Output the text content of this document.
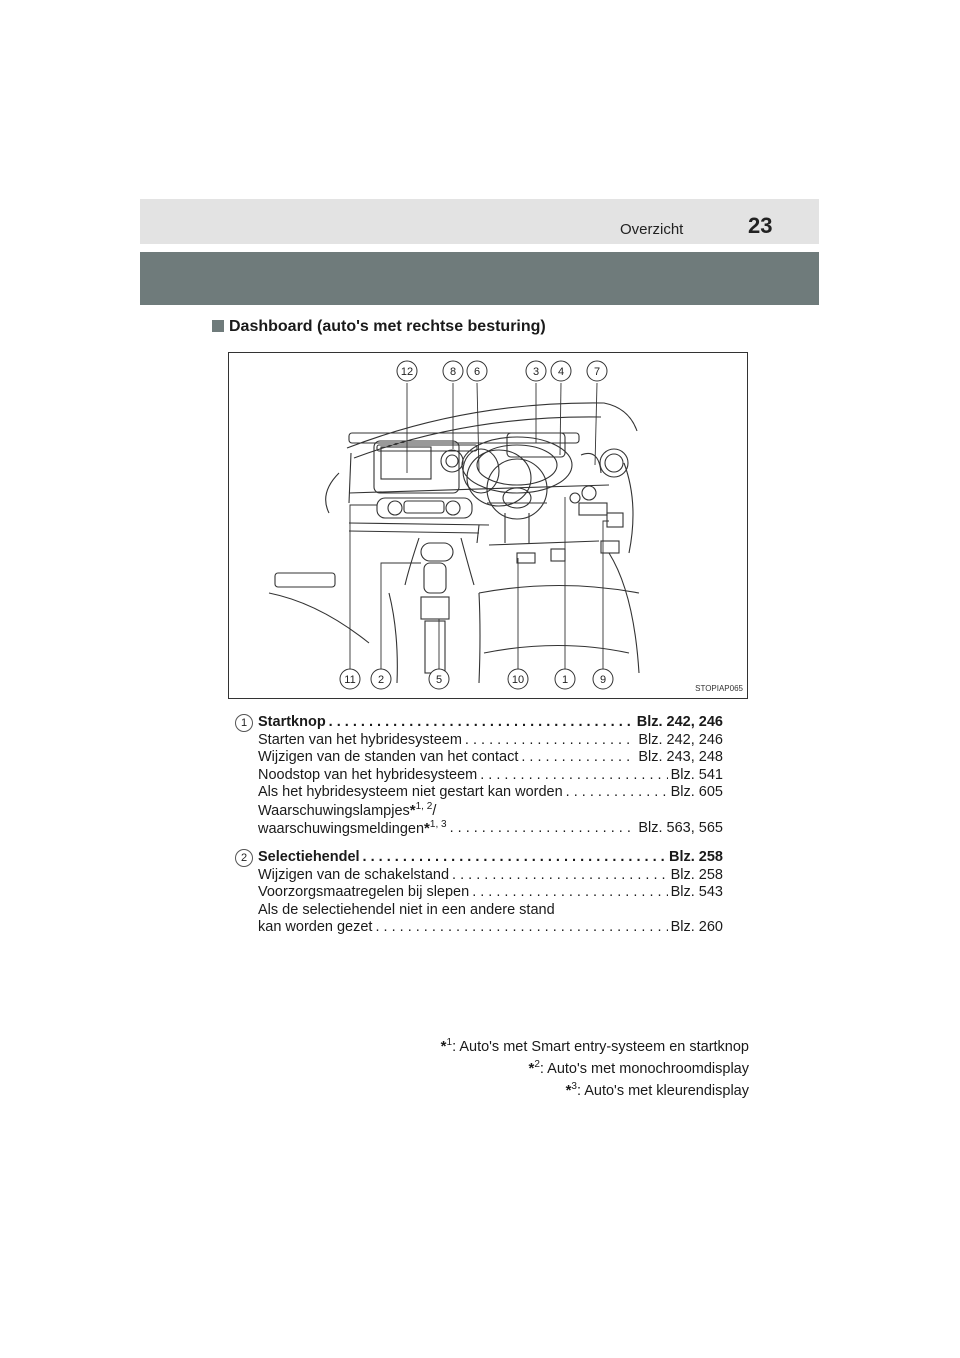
Overzicht	23
Dashboard (auto's met rechtse besturing)
12	8 6	3 4	7
11 2	5	10	1	9
STOPIAP065
1 Startknop . . .	Blz. 242, 246
Starten van het hybridesysteem . . .	Blz. 242, 246
Wijzigen van de standen van het contact . . .	Blz. 243, 248
Noodstop van het hybridesysteem . . .	Blz. 541
Als het hybridesysteem niet gestart kan worden . . .	Blz. 605
Waarschuwingslampjes*$^{1, 2}$/
waarschuwingsmeldingen*$^{1, 3}$ . . .	Blz. 563, 565
2 Selectiehendel . . .	Blz. 258
Wijzigen van de schakelstand . . .	Blz. 258
Voorzorgsmaatregelen bij slepen . . .	Blz. 543
Als de selectiehendel niet in een andere stand
kan worden gezet . . .	Blz. 260
*$^1$: Auto's met Smart entry-systeem en startknop
*$^2$: Auto's met monochroomdisplay
*$^3$: Auto's met kleurendisplay
